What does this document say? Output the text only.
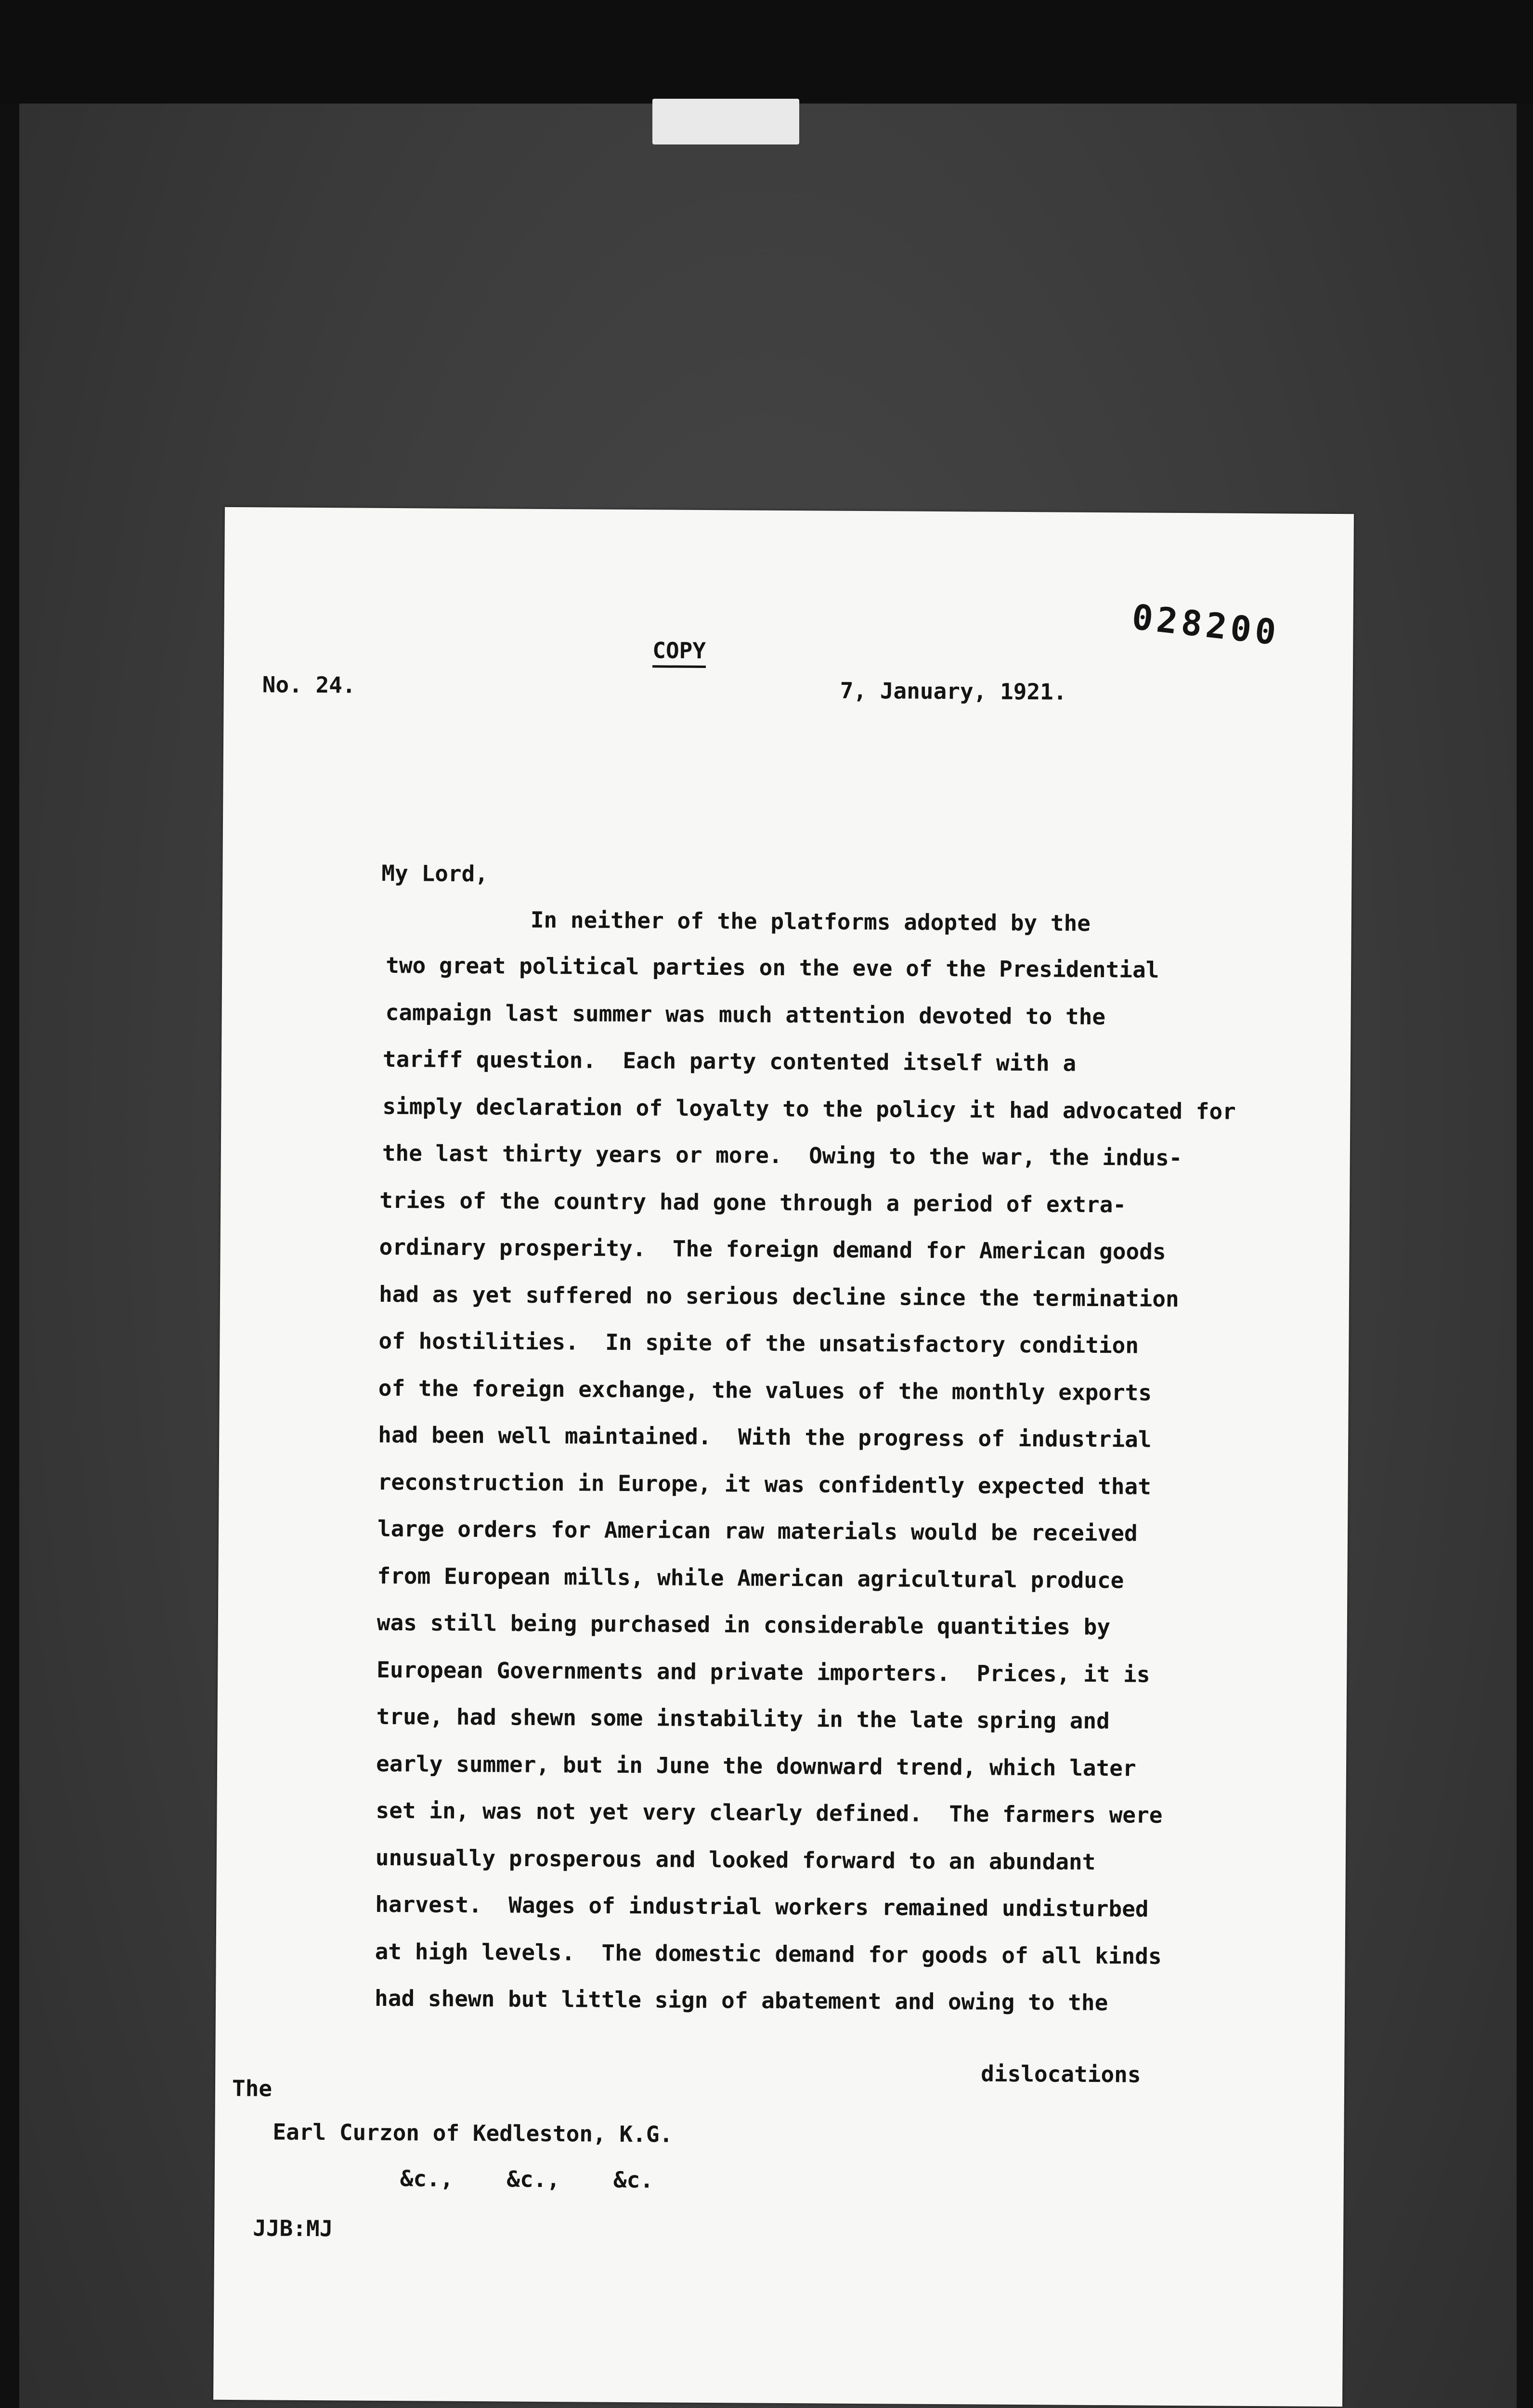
COPY	028200
No. 24.	7, January, 1921.
My Lord,
In neither of the platforms adopted by the
two great political parties on the eve of the Presidential
campaign last summer was much attention devoted to the
tariff question.  Each party contented itself with a
simply declaration of loyalty to the policy it had advocated for
the last thirty years or more.  Owing to the war, the indus-
tries of the country had gone through a period of extra-
ordinary prosperity.  The foreign demand for American goods
had as yet suffered no serious decline since the termination
of hostilities.  In spite of the unsatisfactory condition
of the foreign exchange, the values of the monthly exports
had been well maintained.  With the progress of industrial
reconstruction in Europe, it was confidently expected that
large orders for American raw materials would be received
from European mills, while American agricultural produce
was still being purchased in considerable quantities by
European Governments and private importers.  Prices, it is
true, had shewn some instability in the late spring and
early summer, but in June the downward trend, which later
set in, was not yet very clearly defined.  The farmers were
unusually prosperous and looked forward to an abundant
harvest.  Wages of industrial workers remained undisturbed
at high levels.  The domestic demand for goods of all kinds
had shewn but little sign of abatement and owing to the
dislocations
The
Earl Curzon of Kedleston, K.G.
&c.,    &c.,    &c.
JJB:MJ
